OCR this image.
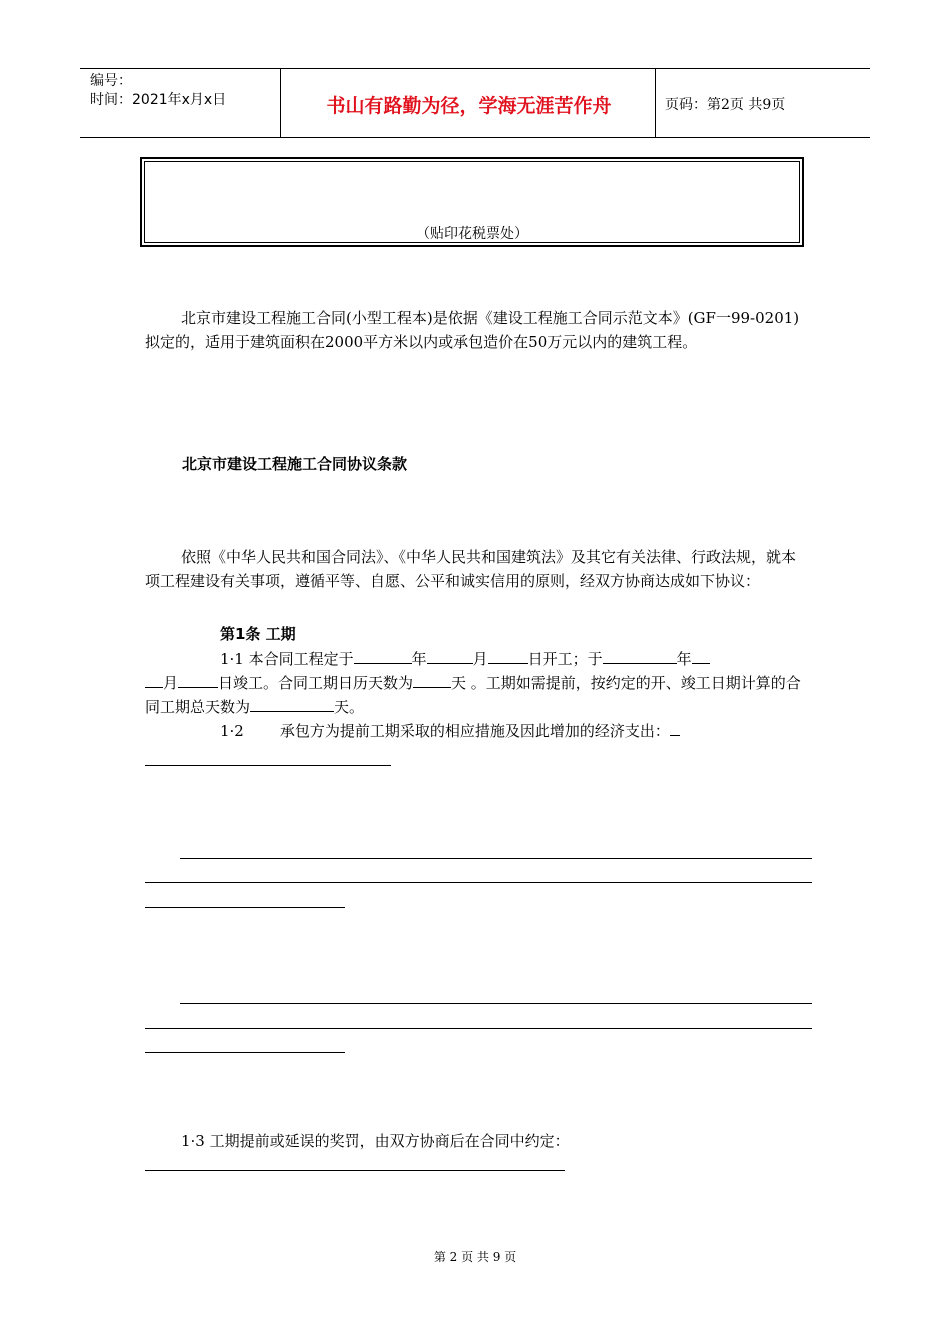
编号：
时间：2021年x月x日	书山有路勤为径，学海无涯苦作舟	页码：第2页 共9页
（贴印花税票处）
北京市建设工程施工合同(小型工程本)是依据《建设工程施工合同示范文本》(GF一99-0201)拟定的，适用于建筑面积在2000平方米以内或承包造价在50万元以内的建筑工程。
北京市建设工程施工合同协议条款
依照《中华人民共和国合同法》、《中华人民共和国建筑法》及其它有关法律、行政法规，就本项工程建设有关事项，遵循平等、自愿、公平和诚实信用的原则，经双方协商达成如下协议：
第1条 工期
1·1 本合同工程定于	年	月	日开工；于	年
月	日竣工。合同工期日历天数为	天 。工期如需提前，按约定的开、竣工日期计算的合同工期总天数为	天。
1·2 承包方为提前工期采取的相应措施及因此增加的经济支出：
1·3 工期提前或延误的奖罚，由双方协商后在合同中约定：
第 2 页 共 9 页
